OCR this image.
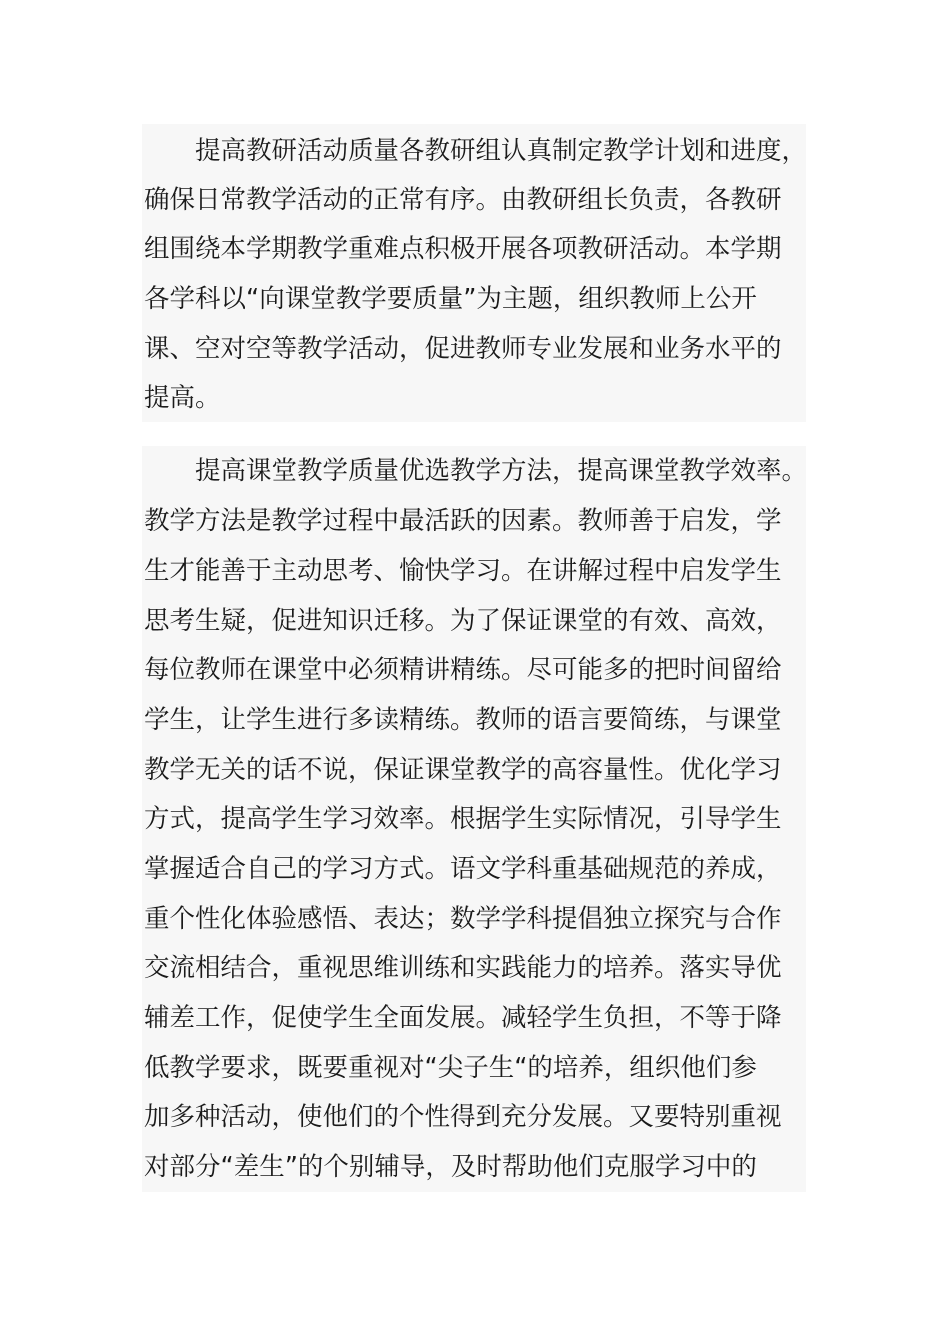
提高教研活动质量各教研组认真制定教学计划和进度，
确保日常教学活动的正常有序。由教研组长负责，各教研
组围绕本学期教学重难点积极开展各项教研活动。本学期
各学科以“向课堂教学要质量”为主题，组织教师上公开
课、空对空等教学活动，促进教师专业发展和业务水平的
提高。
提高课堂教学质量优选教学方法，提高课堂教学效率。
教学方法是教学过程中最活跃的因素。教师善于启发，学
生才能善于主动思考、愉快学习。在讲解过程中启发学生
思考生疑，促进知识迁移。为了保证课堂的有效、高效，
每位教师在课堂中必须精讲精练。尽可能多的把时间留给
学生，让学生进行多读精练。教师的语言要简练，与课堂
教学无关的话不说，保证课堂教学的高容量性。优化学习
方式，提高学生学习效率。根据学生实际情况，引导学生
掌握适合自己的学习方式。语文学科重基础规范的养成，
重个性化体验感悟、表达；数学学科提倡独立探究与合作
交流相结合，重视思维训练和实践能力的培养。落实导优
辅差工作，促使学生全面发展。减轻学生负担，不等于降
低教学要求，既要重视对“尖子生“的培养，组织他们参
加多种活动，使他们的个性得到充分发展。又要特别重视
对部分“差生”的个别辅导，及时帮助他们克服学习中的
